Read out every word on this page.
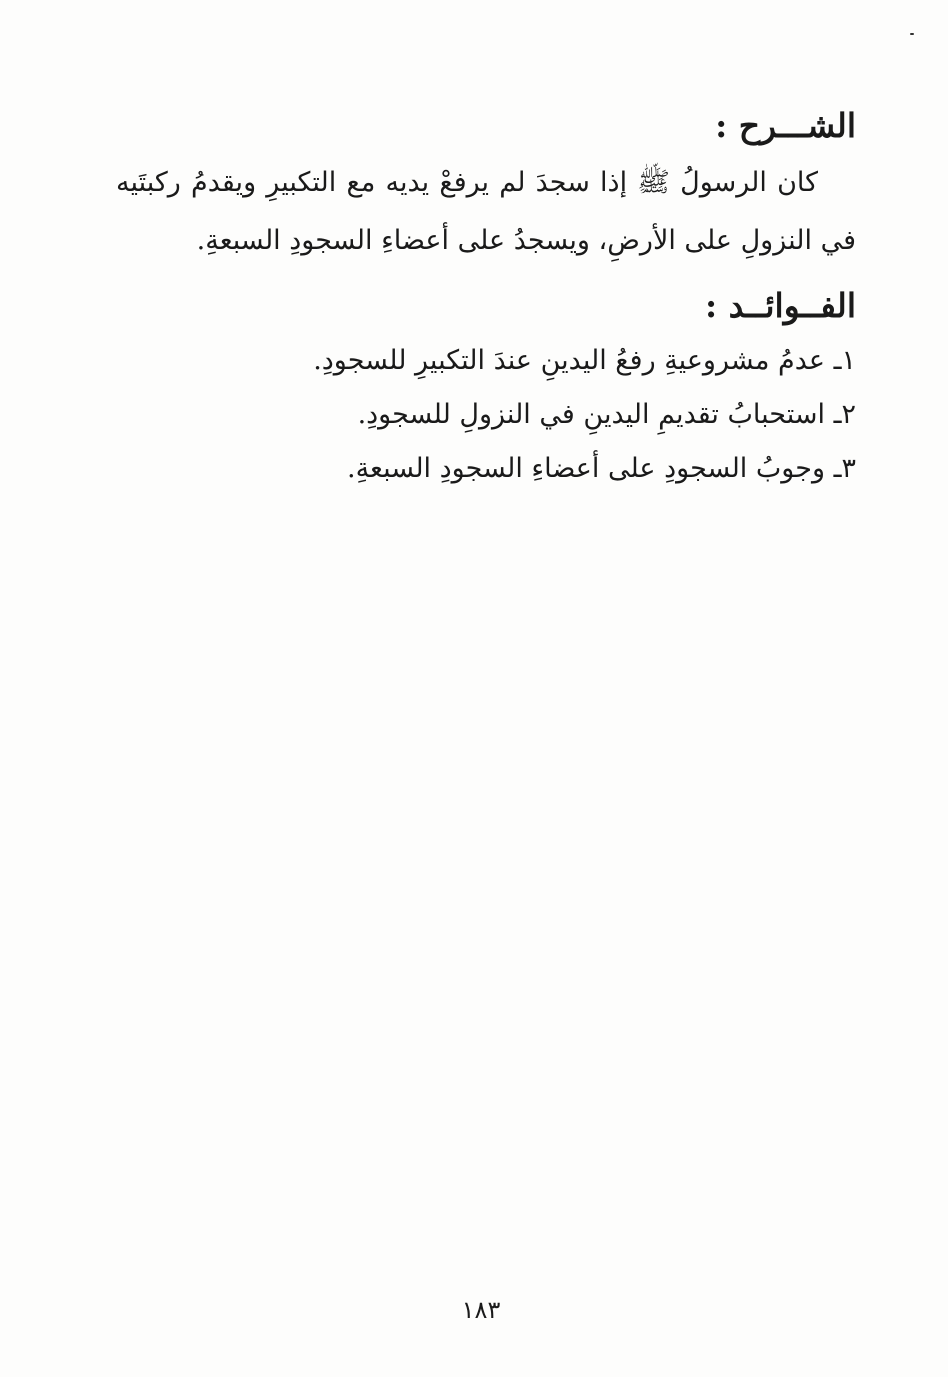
الشـــرح :

كان الرسولُ ﷺ إذا سجدَ لم يرفعْ يديه مع التكبيرِ ويقدمُ ركبتَيه في النزولِ على الأرضِ، ويسجدُ على أعضاءِ السجودِ السبعةِ.

الفــوائــد :
١ـ عدمُ مشروعيةِ رفعُ اليدينِ عندَ التكبيرِ للسجودِ.
٢ـ استحبابُ تقديمِ اليدينِ في النزولِ للسجودِ.
٣ـ وجوبُ السجودِ على أعضاءِ السجودِ السبعةِ.
١٨٣
